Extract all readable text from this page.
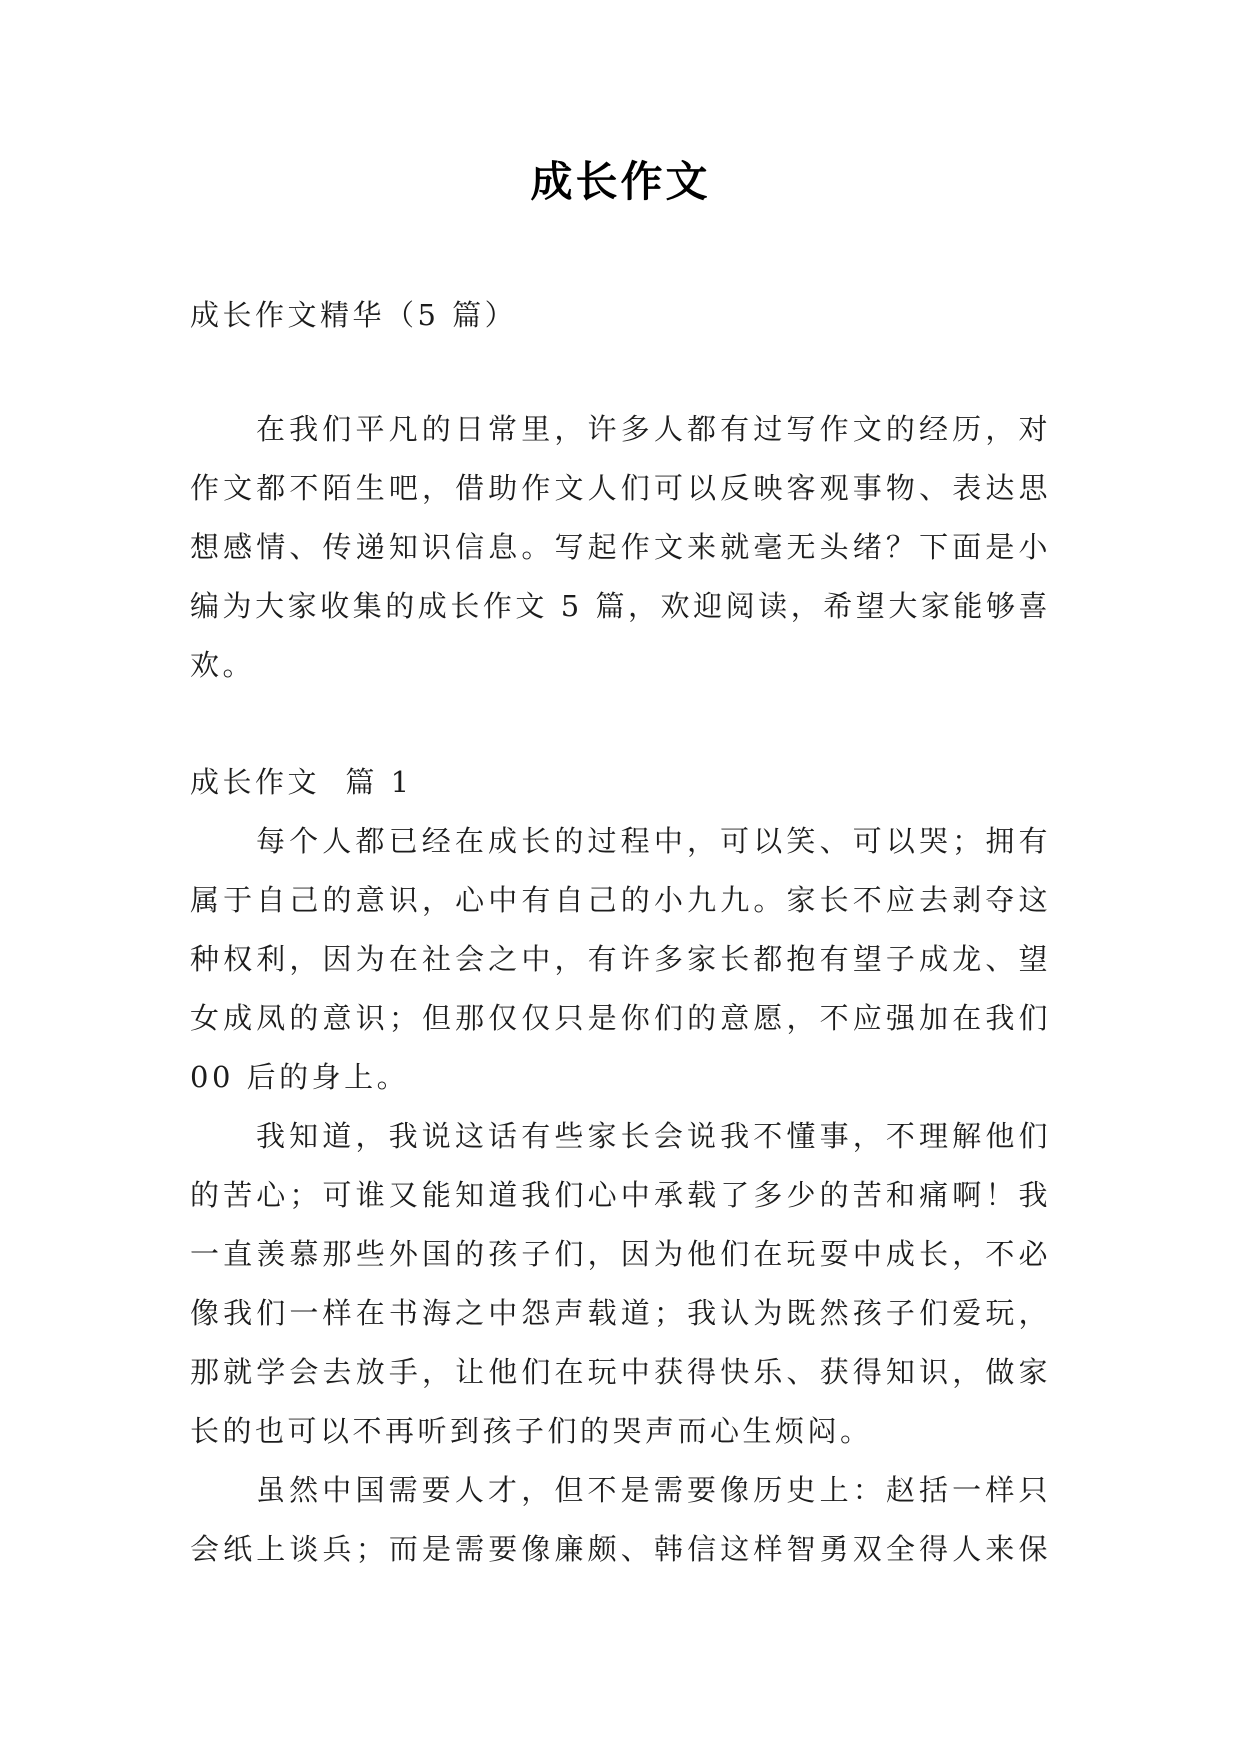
成长作文
成长作文精华（5 篇）
在我们平凡的日常里，许多人都有过写作文的经历，对
作文都不陌生吧，借助作文人们可以反映客观事物、表达思
想感情、传递知识信息。写起作文来就毫无头绪？下面是小
编为大家收集的成长作文 5 篇，欢迎阅读，希望大家能够喜
欢。
成长作文  篇 1
每个人都已经在成长的过程中，可以笑、可以哭；拥有
属于自己的意识，心中有自己的小九九。家长不应去剥夺这
种权利，因为在社会之中，有许多家长都抱有望子成龙、望
女成凤的意识；但那仅仅只是你们的意愿，不应强加在我们
00 后的身上。
我知道，我说这话有些家长会说我不懂事，不理解他们
的苦心；可谁又能知道我们心中承载了多少的苦和痛啊！我
一直羡慕那些外国的孩子们，因为他们在玩耍中成长，不必
像我们一样在书海之中怨声载道；我认为既然孩子们爱玩，
那就学会去放手，让他们在玩中获得快乐、获得知识，做家
长的也可以不再听到孩子们的哭声而心生烦闷。
虽然中国需要人才，但不是需要像历史上：赵括一样只
会纸上谈兵；而是需要像廉颇、韩信这样智勇双全得人来保
